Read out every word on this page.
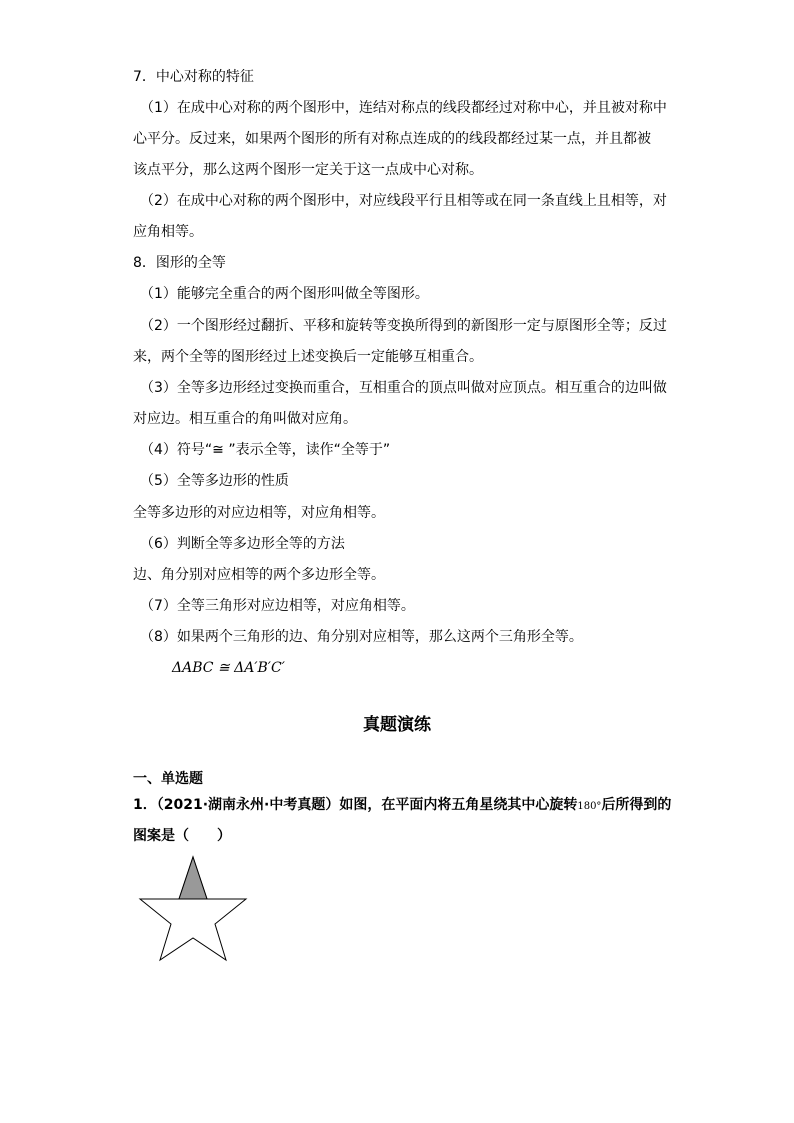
7．中心对称的特征
（1）在成中心对称的两个图形中，连结对称点的线段都经过对称中心，并且被对称中
心平分。反过来，如果两个图形的所有对称点连成的的线段都经过某一点，并且都被
该点平分，那么这两个图形一定关于这一点成中心对称。
（2）在成中心对称的两个图形中，对应线段平行且相等或在同一条直线上且相等，对
应角相等。
8．图形的全等
（1）能够完全重合的两个图形叫做全等图形。
（2）一个图形经过翻折、平移和旋转等变换所得到的新图形一定与原图形全等；反过
来，两个全等的图形经过上述变换后一定能够互相重合。
（3）全等多边形经过变换而重合，互相重合的顶点叫做对应顶点。相互重合的边叫做
对应边。相互重合的角叫做对应角。
（4）符号“≅ ”表示全等，读作“全等于”
（5）全等多边形的性质
全等多边形的对应边相等，对应角相等。
（6）判断全等多边形全等的方法
边、角分别对应相等的两个多边形全等。
（7）全等三角形对应边相等，对应角相等。
（8）如果两个三角形的边、角分别对应相等，那么这两个三角形全等。
ΔABC ≅ ΔA′B′C′
真题演练
一、单选题
1．（2021·湖南永州·中考真题）如图，在平面内将五角星绕其中心旋转180°后所得到的
图案是（　　）
